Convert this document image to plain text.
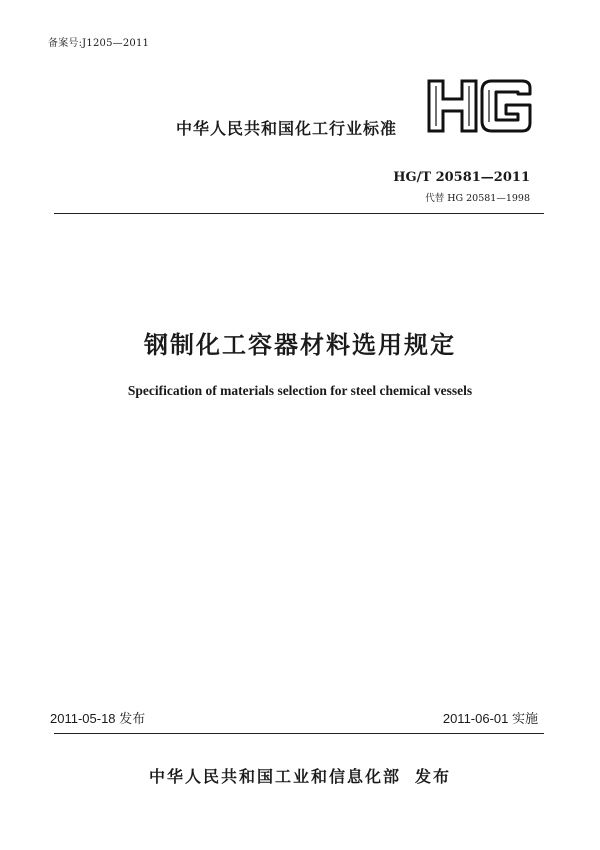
备案号:J1205—2011
中华人民共和国化工行业标准
HG/T 20581—2011
代替 HG 20581—1998
钢制化工容器材料选用规定
Specification of materials selection for steel chemical vessels
2011-05-18 发布	2011-06-01 实施
中华人民共和国工业和信息化部 发布
